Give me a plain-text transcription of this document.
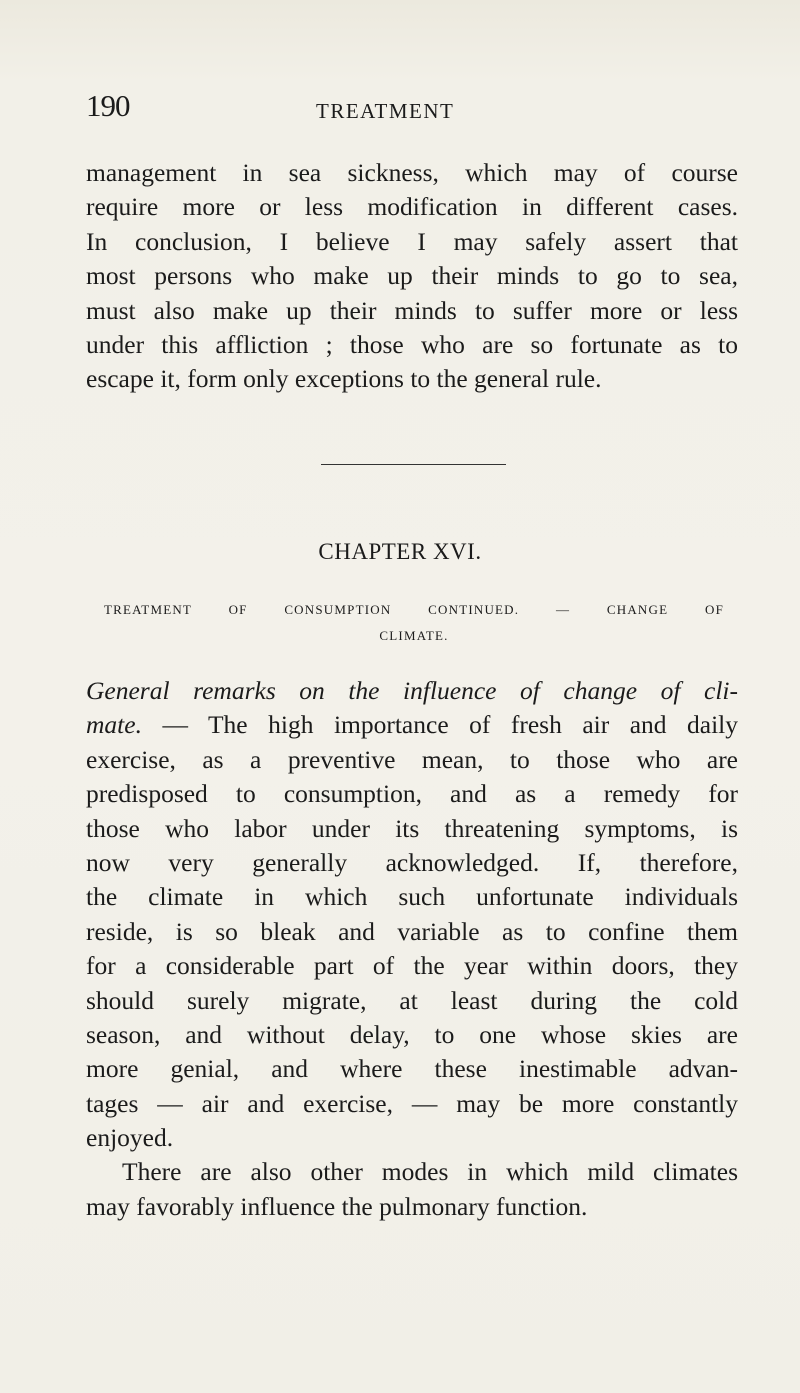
190	TREATMENT
management in sea sickness, which may of course
require more or less modification in different cases.
In conclusion, I believe I may safely assert that
most persons who make up their minds to go to sea,
must also make up their minds to suffer more or less
under this affliction ; those who are so fortunate as to
escape it, form only exceptions to the general rule.
CHAPTER XVI.
TREATMENT OF CONSUMPTION CONTINUED. — CHANGE OF
CLIMATE.
General remarks on the influence of change of cli-
mate. — The high importance of fresh air and daily
exercise, as a preventive mean, to those who are
predisposed to consumption, and as a remedy for
those who labor under its threatening symptoms, is
now very generally acknowledged. If, therefore,
the climate in which such unfortunate individuals
reside, is so bleak and variable as to confine them
for a considerable part of the year within doors, they
should surely migrate, at least during the cold
season, and without delay, to one whose skies are
more genial, and where these inestimable advan-
tages — air and exercise, — may be more constantly
enjoyed.
There are also other modes in which mild climates
may favorably influence the pulmonary function.
